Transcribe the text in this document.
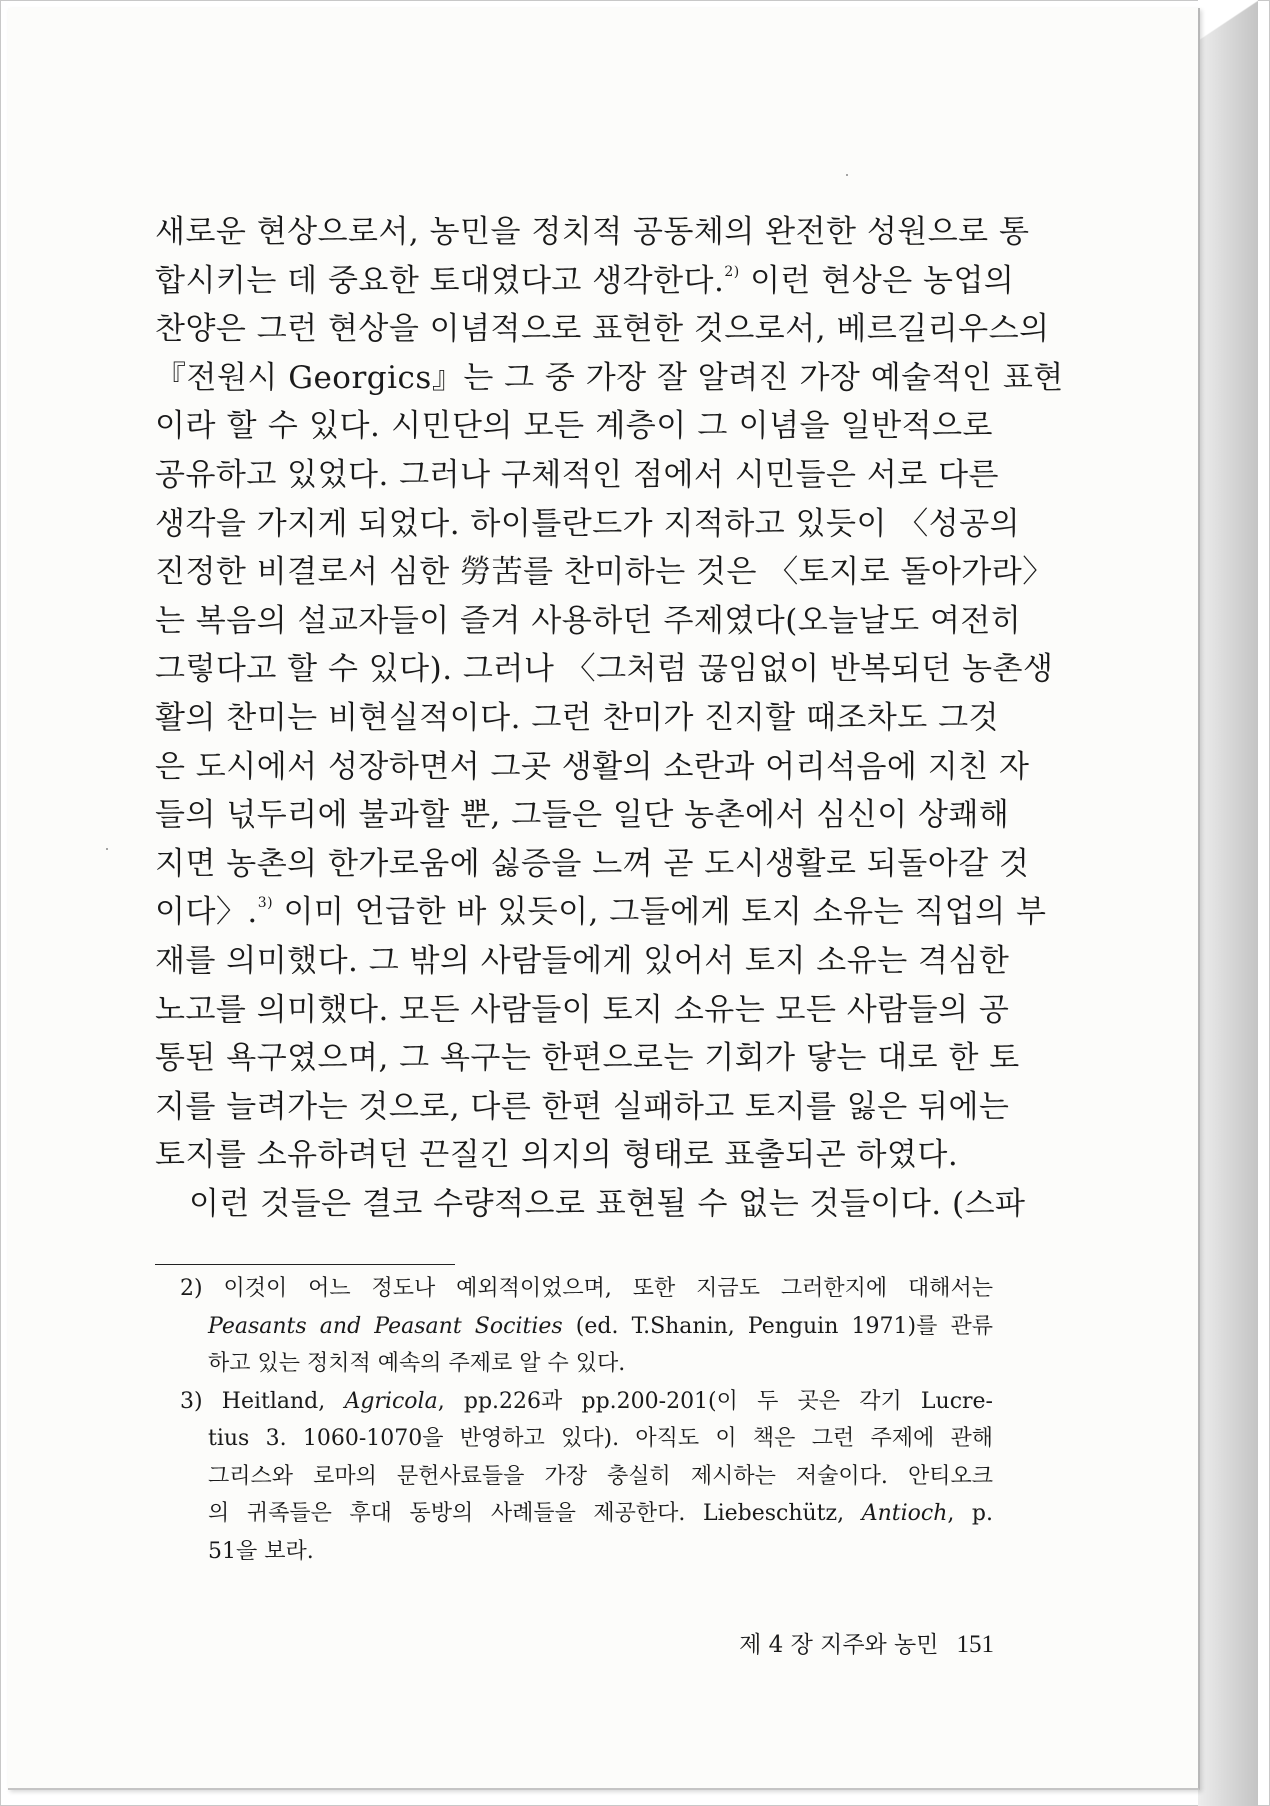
새로운 현상으로서, 농민을 정치적 공동체의 완전한 성원으로 통
합시키는 데 중요한 토대였다고 생각한다.$^{2)}$ 이런 현상은 농업의
찬양은 그런 현상을 이념적으로 표현한 것으로서, 베르길리우스의
『전원시 Georgics』는 그 중 가장 잘 알려진 가장 예술적인 표현
이라 할 수 있다. 시민단의 모든 계층이 그 이념을 일반적으로
공유하고 있었다. 그러나 구체적인 점에서 시민들은 서로 다른
생각을 가지게 되었다. 하이틀란드가 지적하고 있듯이 〈성공의
진정한 비결로서 심한 勞苦를 찬미하는 것은 〈토지로 돌아가라〉
는 복음의 설교자들이 즐겨 사용하던 주제였다(오늘날도 여전히
그렇다고 할 수 있다). 그러나 〈그처럼 끊임없이 반복되던 농촌생
활의 찬미는 비현실적이다. 그런 찬미가 진지할 때조차도 그것
은 도시에서 성장하면서 그곳 생활의 소란과 어리석음에 지친 자
들의 넋두리에 불과할 뿐, 그들은 일단 농촌에서 심신이 상쾌해
지면 농촌의 한가로움에 싫증을 느껴 곧 도시생활로 되돌아갈 것
이다〉.$^{3)}$ 이미 언급한 바 있듯이, 그들에게 토지 소유는 직업의 부
재를 의미했다. 그 밖의 사람들에게 있어서 토지 소유는 격심한
노고를 의미했다. 모든 사람들이 토지 소유는 모든 사람들의 공
통된 욕구였으며, 그 욕구는 한편으로는 기회가 닿는 대로 한 토
지를 늘려가는 것으로, 다른 한편 실패하고 토지를 잃은 뒤에는
토지를 소유하려던 끈질긴 의지의 형태로 표출되곤 하였다.
이런 것들은 결코 수량적으로 표현될 수 없는 것들이다. (스파
2) 이것이 어느 정도나 예외적이었으며, 또한 지금도 그러한지에 대해서는
Peasants and Peasant Socities (ed. T.Shanin, Penguin 1971)를 관류
하고 있는 정치적 예속의 주제로 알 수 있다.
3) Heitland, Agricola, pp.226과 pp.200-201(이 두 곳은 각기 Lucre-
tius 3. 1060-1070을 반영하고 있다). 아직도 이 책은 그런 주제에 관해
그리스와 로마의 문헌사료들을 가장 충실히 제시하는 저술이다. 안티오크
의 귀족들은 후대 동방의 사례들을 제공한다. Liebeschütz, Antioch, p.
51을 보라.
제 4 장 지주와 농민 151
